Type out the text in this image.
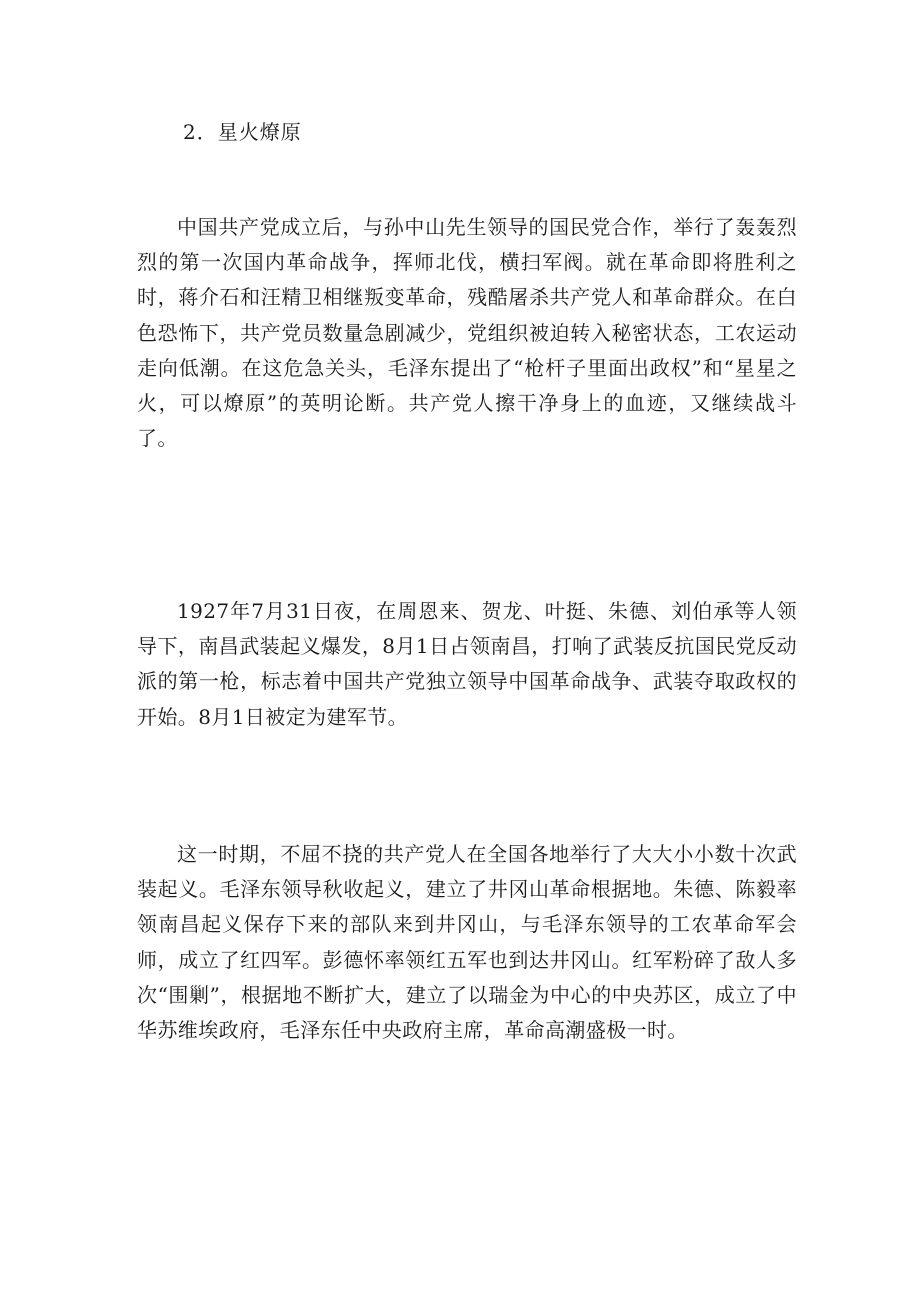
2．星火燎原

中国共产党成立后，与孙中山先生领导的国民党合作，举行了轰轰烈烈的第一次国内革命战争，挥师北伐，横扫军阀。就在革命即将胜利之时，蒋介石和汪精卫相继叛变革命，残酷屠杀共产党人和革命群众。在白色恐怖下，共产党员数量急剧减少，党组织被迫转入秘密状态，工农运动走向低潮。在这危急关头，毛泽东提出了“枪杆子里面出政权”和“星星之火，可以燎原”的英明论断。共产党人擦干净身上的血迹，又继续战斗了。

1927年7月31日夜，在周恩来、贺龙、叶挺、朱德、刘伯承等人领导下，南昌武装起义爆发，8月1日占领南昌，打响了武装反抗国民党反动派的第一枪，标志着中国共产党独立领导中国革命战争、武装夺取政权的开始。8月1日被定为建军节。

这一时期，不屈不挠的共产党人在全国各地举行了大大小小数十次武装起义。毛泽东领导秋收起义，建立了井冈山革命根据地。朱德、陈毅率领南昌起义保存下来的部队来到井冈山，与毛泽东领导的工农革命军会师，成立了红四军。彭德怀率领红五军也到达井冈山。红军粉碎了敌人多次“围剿”，根据地不断扩大，建立了以瑞金为中心的中央苏区，成立了中华苏维埃政府，毛泽东任中央政府主席，革命高潮盛极一时。
